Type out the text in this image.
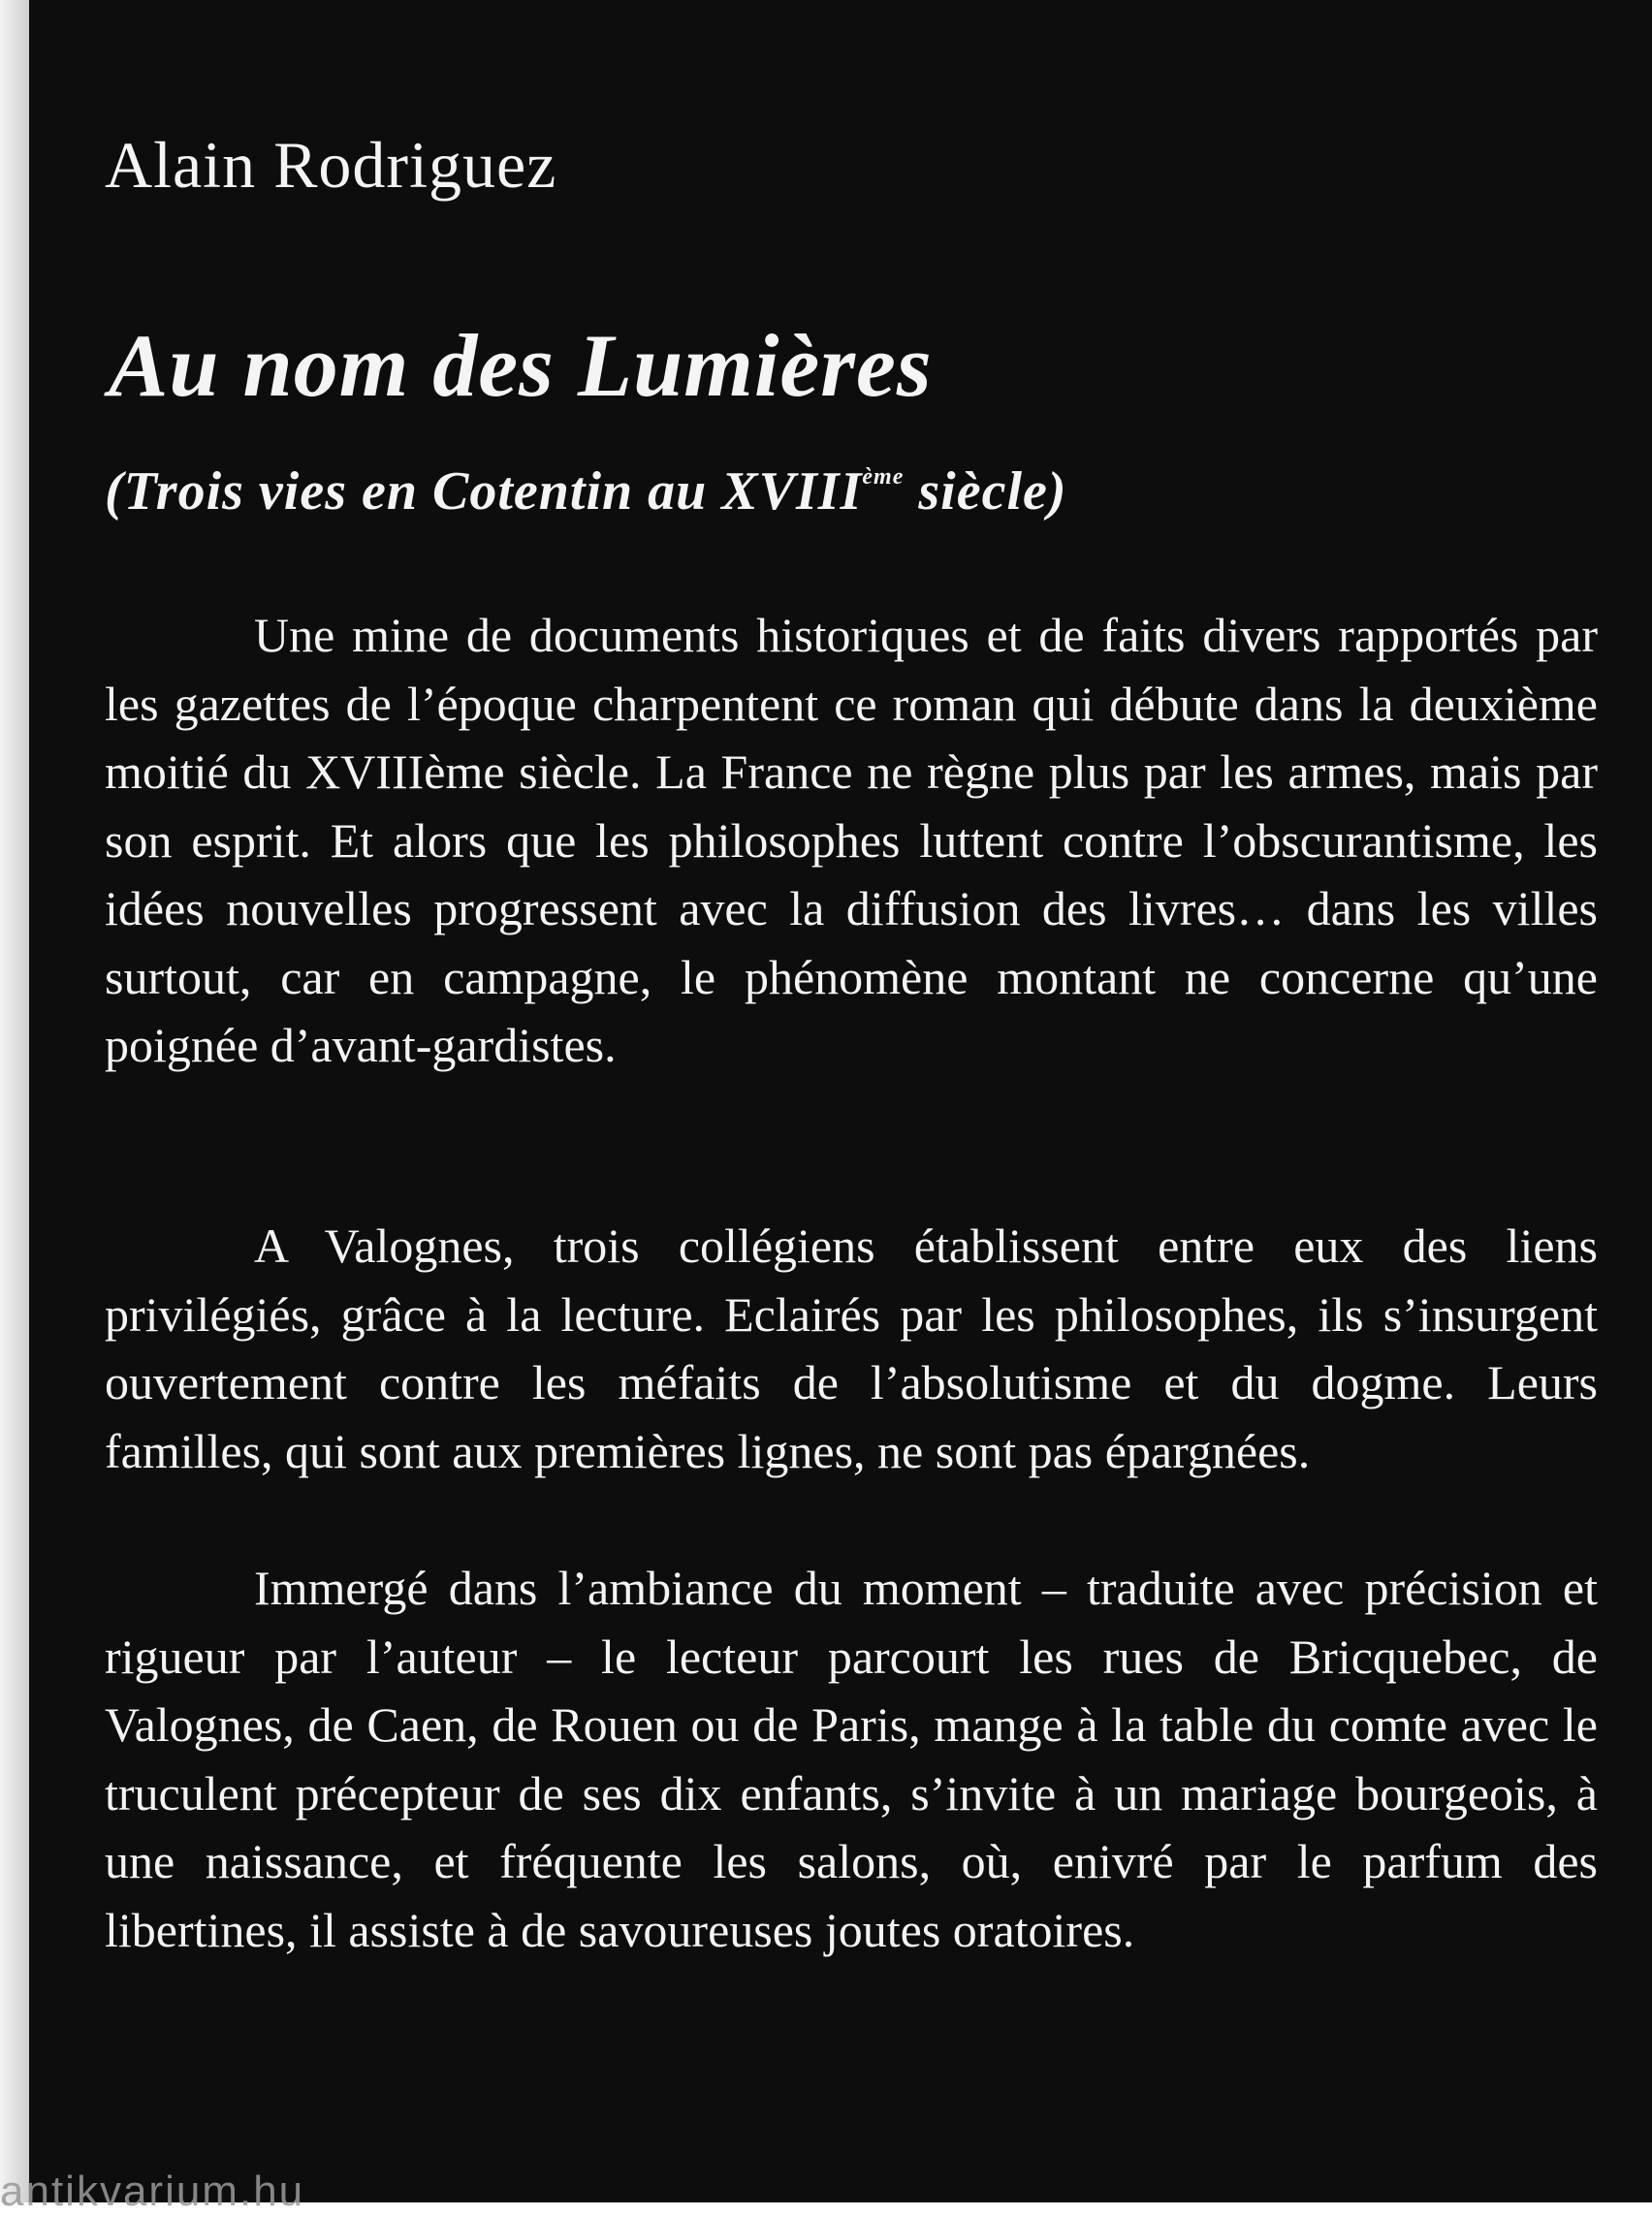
Alain Rodriguez
Au nom des Lumières
(Trois vies en Cotentin au XVIIIème siècle)

Une mine de documents historiques et de faits divers rapportés par les gazettes de l’époque charpentent ce roman qui débute dans la deuxième moitié du XVIIIème siècle. La France ne règne plus par les armes, mais par son esprit. Et alors que les philosophes luttent contre l’obscurantisme, les idées nouvelles progressent avec la diffusion des livres… dans les villes surtout, car en campagne, le phénomène montant ne concerne qu’une poignée d’avant-gardistes.

A Valognes, trois collégiens établissent entre eux des liens privilégiés, grâce à la lecture. Eclairés par les philosophes, ils s’insurgent ouvertement contre les méfaits de l’absolutisme et du dogme. Leurs familles, qui sont aux premières lignes, ne sont pas épargnées.

Immergé dans l’ambiance du moment – traduite avec précision et rigueur par l’auteur – le lecteur parcourt les rues de Bricquebec, de Valognes, de Caen, de Rouen ou de Paris, mange à la table du comte avec le truculent précepteur de ses dix enfants, s’invite à un mariage bourgeois, à une naissance, et fréquente les salons, où, enivré par le parfum des libertines, il assiste à de savoureuses joutes oratoires.

antikvarium.hu
